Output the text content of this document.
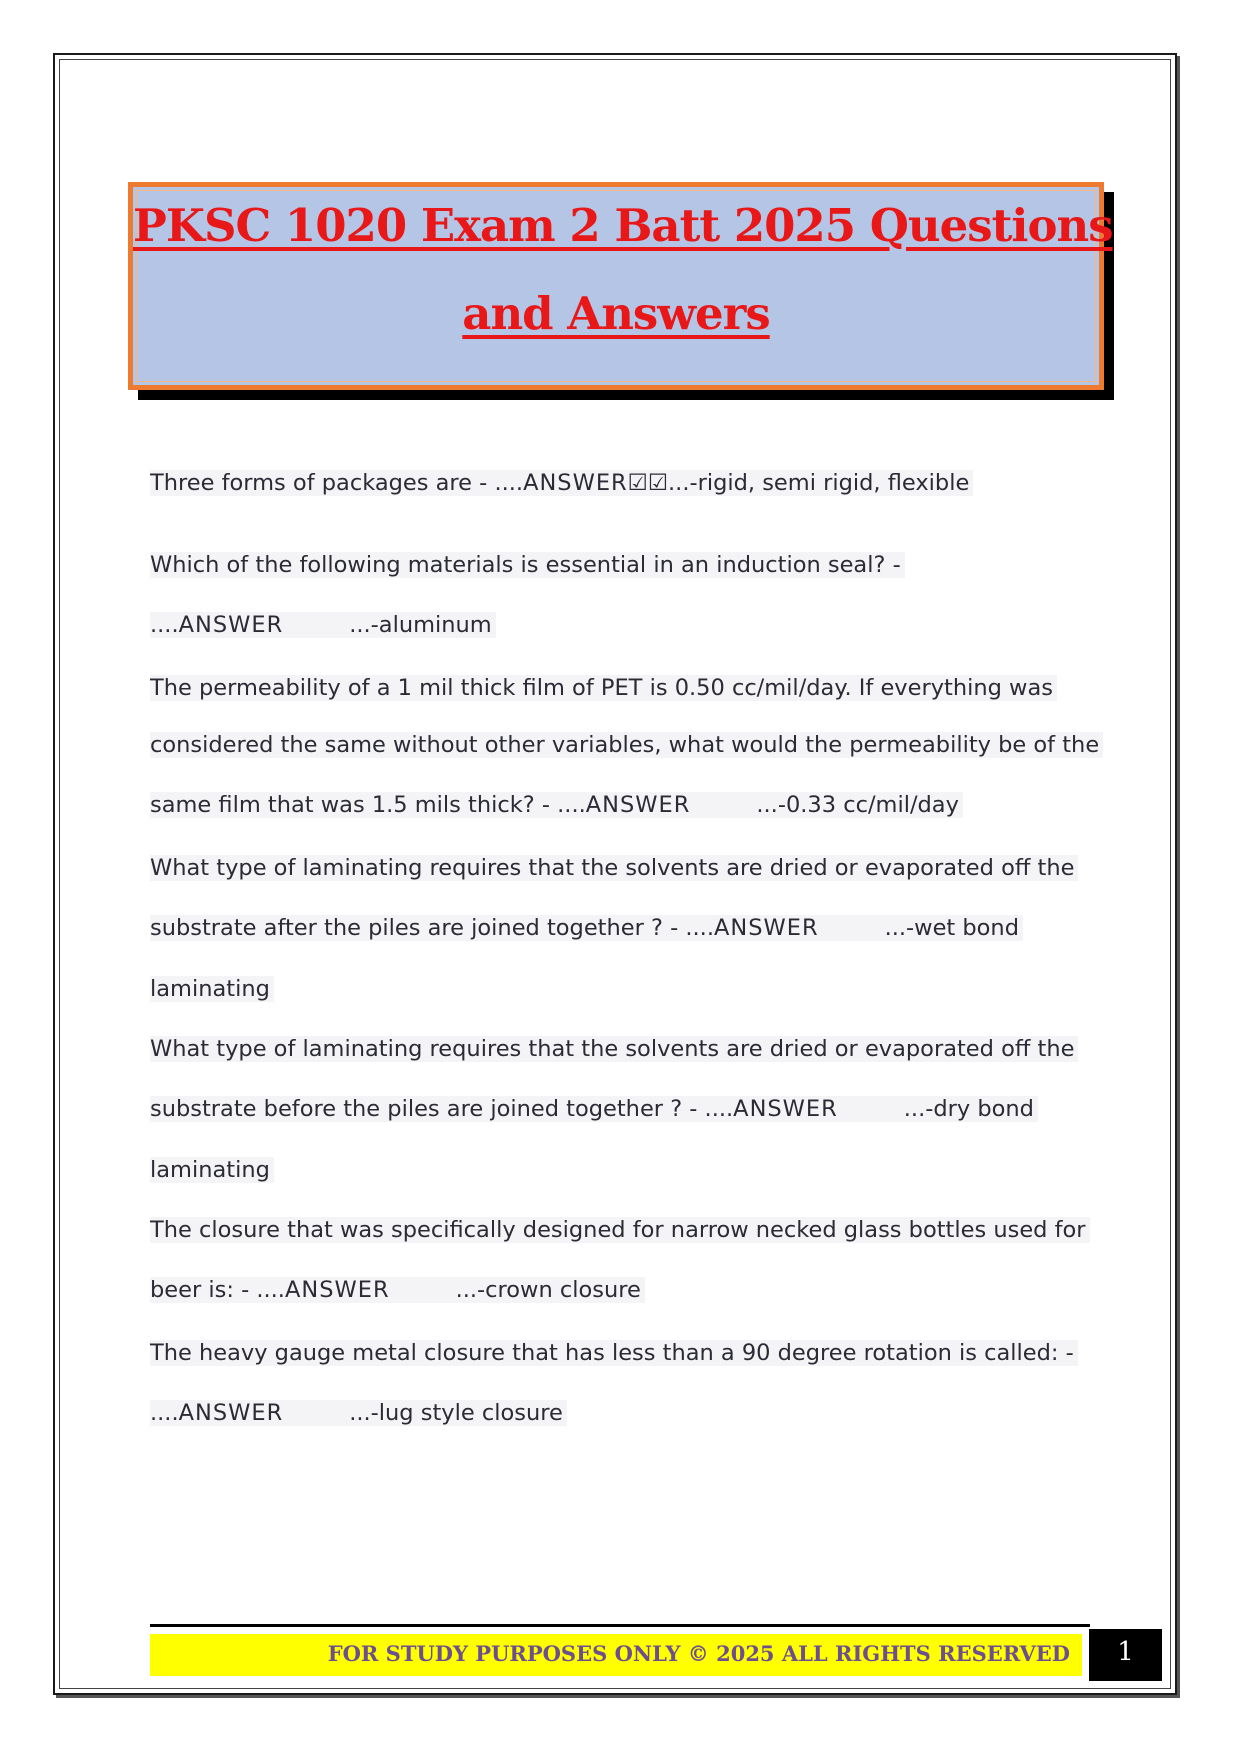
PKSC 1020 Exam 2 Batt 2025 Questions
and Answers

Three forms of packages are - ....ANSWER☑☑...-rigid, semi rigid, flexible

Which of the following materials is essential in an induction seal? -

....ANSWER	...-aluminum

The permeability of a 1 mil thick film of PET is 0.50 cc/mil/day. If everything was

considered the same without other variables, what would the permeability be of the

same film that was 1.5 mils thick? - ....ANSWER	...-0.33 cc/mil/day

What type of laminating requires that the solvents are dried or evaporated off the

substrate after the piles are joined together ? - ....ANSWER	...-wet bond

laminating

What type of laminating requires that the solvents are dried or evaporated off the

substrate before the piles are joined together ? - ....ANSWER	...-dry bond

laminating

The closure that was specifically designed for narrow necked glass bottles used for

beer is: - ....ANSWER	...-crown closure

The heavy gauge metal closure that has less than a 90 degree rotation is called: -

....ANSWER	...-lug style closure

FOR STUDY PURPOSES ONLY © 2025 ALL RIGHTS RESERVED	1
